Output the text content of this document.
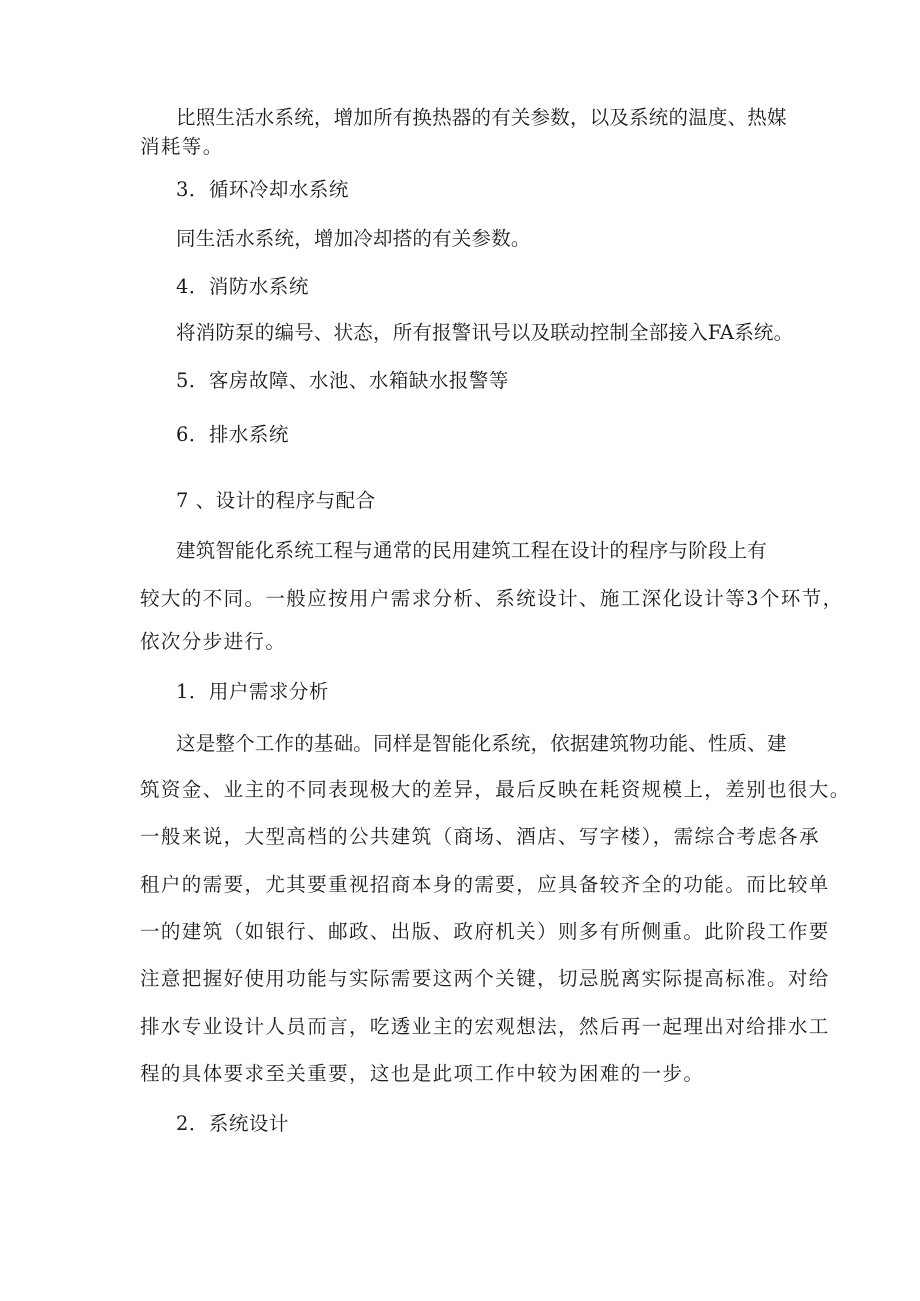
比照生活水系统，增加所有换热器的有关参数，以及系统的温度、热媒
消耗等。
3．循环冷却水系统
同生活水系统，增加冷却搭的有关参数。
4．消防水系统
将消防泵的编号、状态，所有报警讯号以及联动控制全部接入FA系统。
5．客房故障、水池、水箱缺水报警等
6．排水系统
7 、设计的程序与配合
建筑智能化系统工程与通常的民用建筑工程在设计的程序与阶段上有
较大的不同。一般应按用户需求分析、系统设计、施工深化设计等3个环节，
依次分步进行。
1．用户需求分析
这是整个工作的基础。同样是智能化系统，依据建筑物功能、性质、建
筑资金、业主的不同表现极大的差异，最后反映在耗资规模上，差别也很大。
一般来说，大型高档的公共建筑（商场、酒店、写字楼），需综合考虑各承
租户的需要，尤其要重视招商本身的需要，应具备较齐全的功能。而比较单
一的建筑（如银行、邮政、出版、政府机关）则多有所侧重。此阶段工作要
注意把握好使用功能与实际需要这两个关键，切忌脱离实际提高标准。对给
排水专业设计人员而言，吃透业主的宏观想法，然后再一起理出对给排水工
程的具体要求至关重要，这也是此项工作中较为困难的一步。
2．系统设计
